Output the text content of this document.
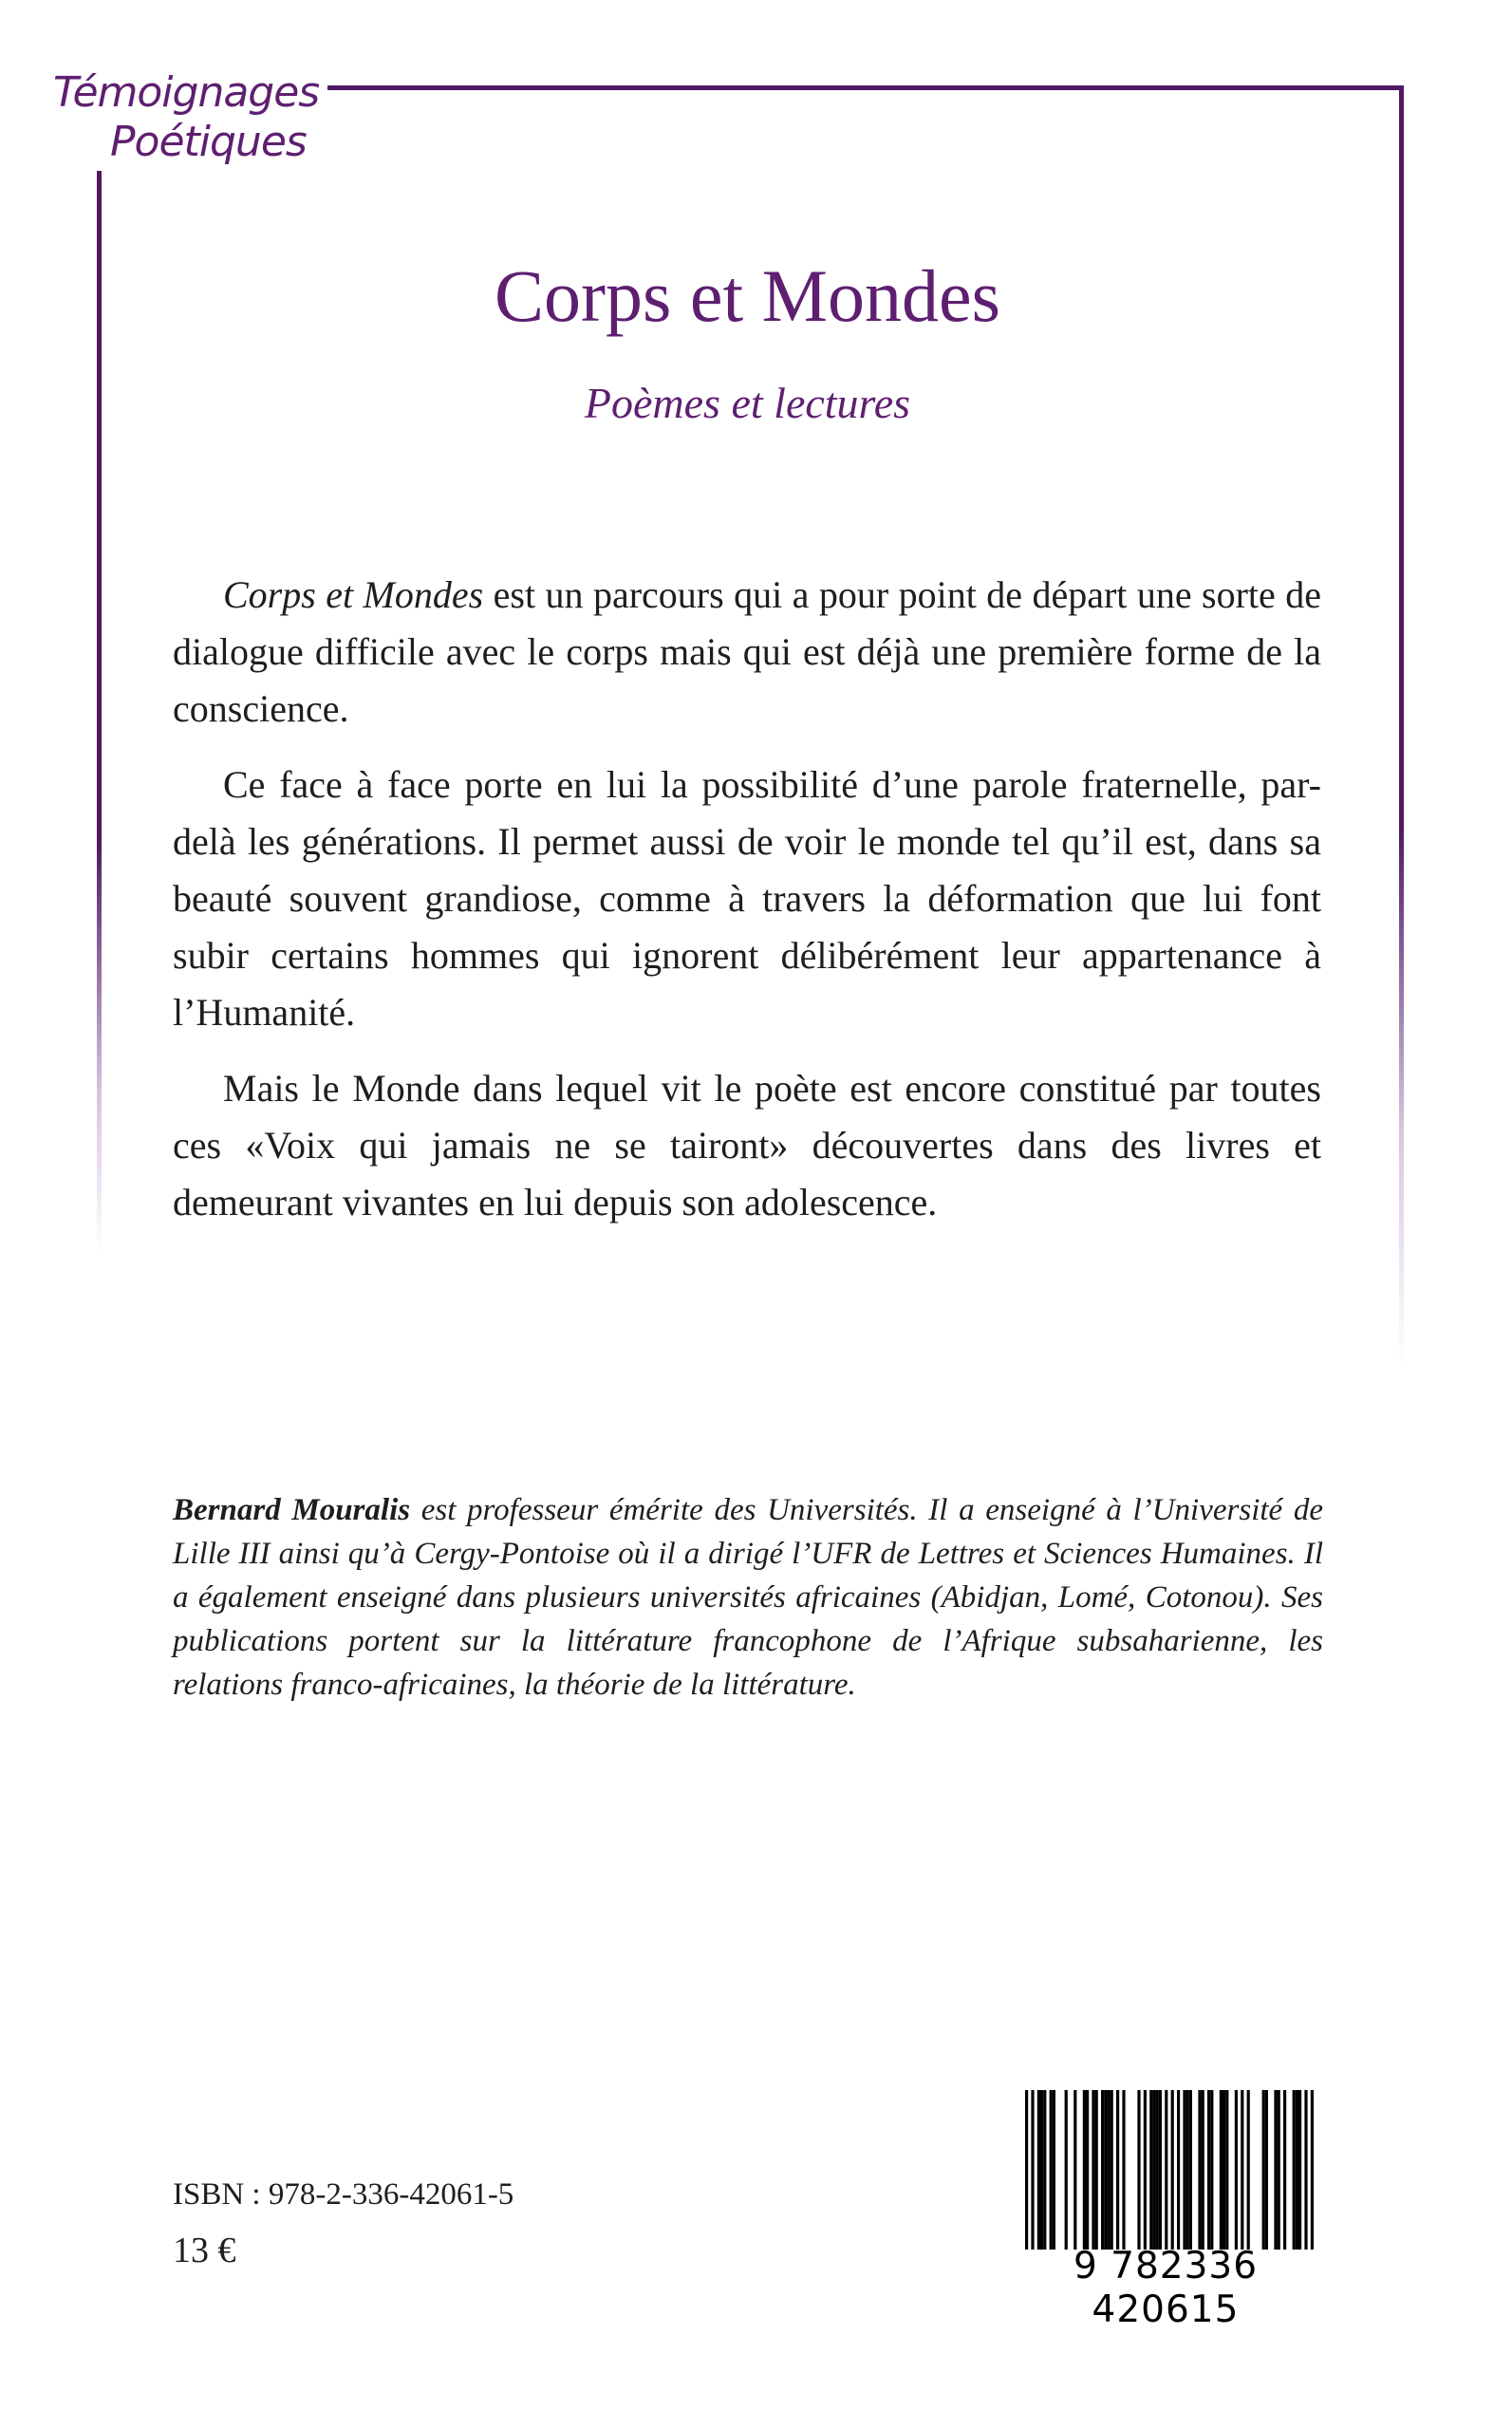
Témoignages
Poétiques
Corps et Mondes
Poèmes et lectures

Corps et Mondes est un parcours qui a pour point de départ une sorte de dialogue difficile avec le corps mais qui est déjà une première forme de la conscience.

Ce face à face porte en lui la possibilité d’une parole fraternelle, par-delà les générations. Il permet aussi de voir le monde tel qu’il est, dans sa beauté souvent grandiose, comme à travers la déformation que lui font subir certains hommes qui ignorent délibérément leur appartenance à l’Humanité.

Mais le Monde dans lequel vit le poète est encore constitué par toutes ces «Voix qui jamais ne se tairont» découvertes dans des livres et demeurant vivantes en lui depuis son adolescence.

Bernard Mouralis est professeur émérite des Universités. Il a enseigné à l’Université de Lille III ainsi qu’à Cergy-Pontoise où il a dirigé l’UFR de Lettres et Sciences Humaines. Il a également enseigné dans plusieurs universités africaines (Abidjan, Lomé, Cotonou). Ses publications portent sur la littérature francophone de l’Afrique subsaharienne, les relations franco-africaines, la théorie de la littérature.

ISBN : 978-2-336-42061-5
13 €	9 782336 420615
